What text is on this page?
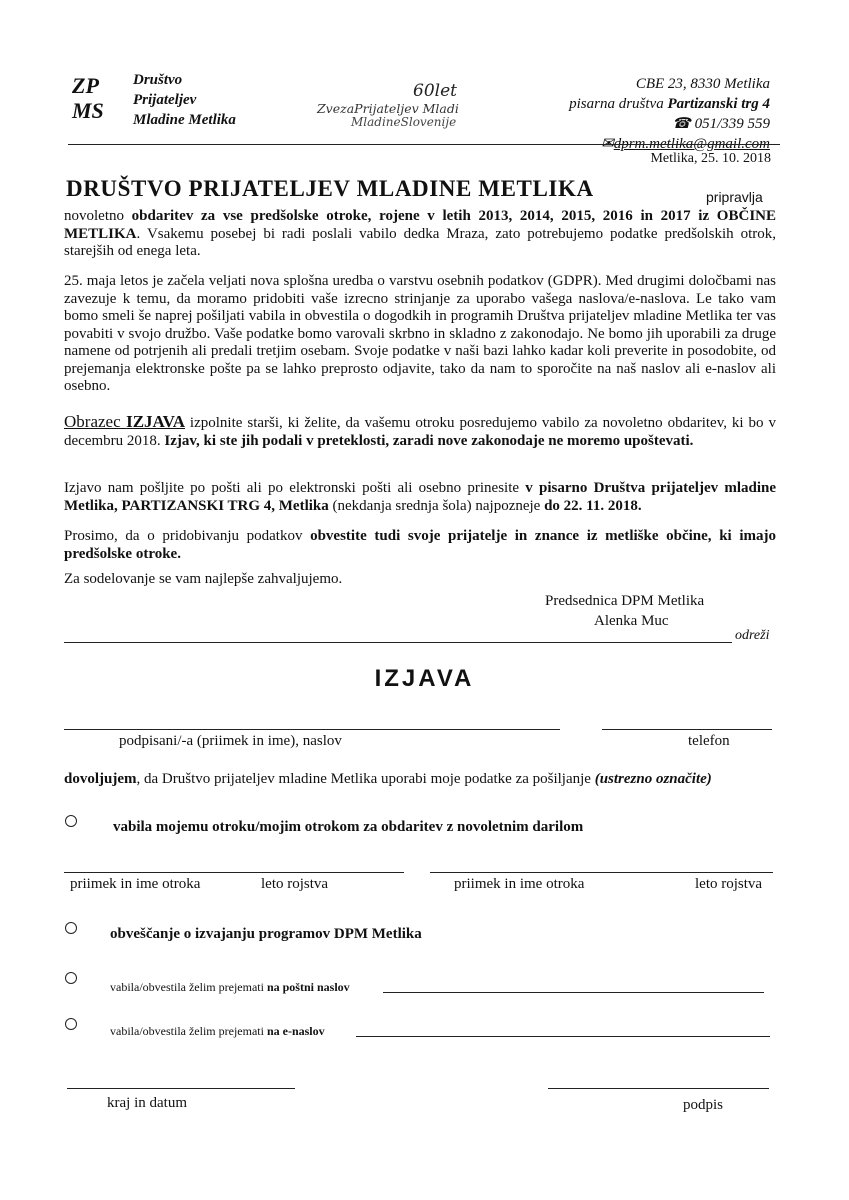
ZP
MS
Društvo
Prijateljev
Mladine Metlika
60let
ZvezaPrijateljev Mladi
MladineSlovenije
CBE 23, 8330 Metlika
pisarna društva Partizanski trg 4
☎ 051/339 559
✉dprm.metlika@gmail.com
Metlika, 25. 10. 2018
DRUŠTVO PRIJATELJEV MLADINE METLIKA	pripravlja
novoletno obdaritev za vse predšolske otroke, rojene v letih 2013, 2014, 2015, 2016 in 2017 iz OBČINE METLIKA. Vsakemu posebej bi radi poslali vabilo dedka Mraza, zato potrebujemo podatke predšolskih otrok, starejših od enega leta.
25. maja letos je začela veljati nova splošna uredba o varstvu osebnih podatkov (GDPR). Med drugimi določbami nas zavezuje k temu, da moramo pridobiti vaše izrecno strinjanje za uporabo vašega naslova/e-naslova. Le tako vam bomo smeli še naprej pošiljati vabila in obvestila o dogodkih in programih Društva prijateljev mladine Metlika ter vas povabiti v svojo družbo. Vaše podatke bomo varovali skrbno in skladno z zakonodajo. Ne bomo jih uporabili za druge namene od potrjenih ali predali tretjim osebam. Svoje podatke v naši bazi lahko kadar koli preverite in posodobite, od prejemanja elektronske pošte pa se lahko preprosto odjavite, tako da nam to sporočite na naš naslov ali e-naslov ali osebno.
Obrazec IZJAVA izpolnite starši, ki želite, da vašemu otroku posredujemo vabilo za novoletno obdaritev, ki bo v decembru 2018. Izjav, ki ste jih podali v preteklosti, zaradi nove zakonodaje ne moremo upoštevati.
Izjavo nam pošljite po pošti ali po elektronski pošti ali osebno prinesite v pisarno Društva prijateljev mladine Metlika, PARTIZANSKI TRG 4, Metlika (nekdanja srednja šola) najpozneje do 22. 11. 2018.
Prosimo, da o pridobivanju podatkov obvestite tudi svoje prijatelje in znance iz metliške občine, ki imajo predšolske otroke.
Za sodelovanje se vam najlepše zahvaljujemo.
Predsednica DPM Metlika
Alenka Muc
odreži
IZJAVA
podpisani/-a (priimek in ime), naslov	telefon
dovoljujem, da Društvo prijateljev mladine Metlika uporabi moje podatke za pošiljanje (ustrezno označite)
vabila mojemu otroku/mojim otrokom za obdaritev z novoletnim darilom
priimek in ime otroka	leto rojstva	priimek in ime otroka	leto rojstva
obveščanje o izvajanju programov DPM Metlika
vabila/obvestila želim prejemati na poštni naslov
vabila/obvestila želim prejemati na e-naslov
kraj in datum	podpis
